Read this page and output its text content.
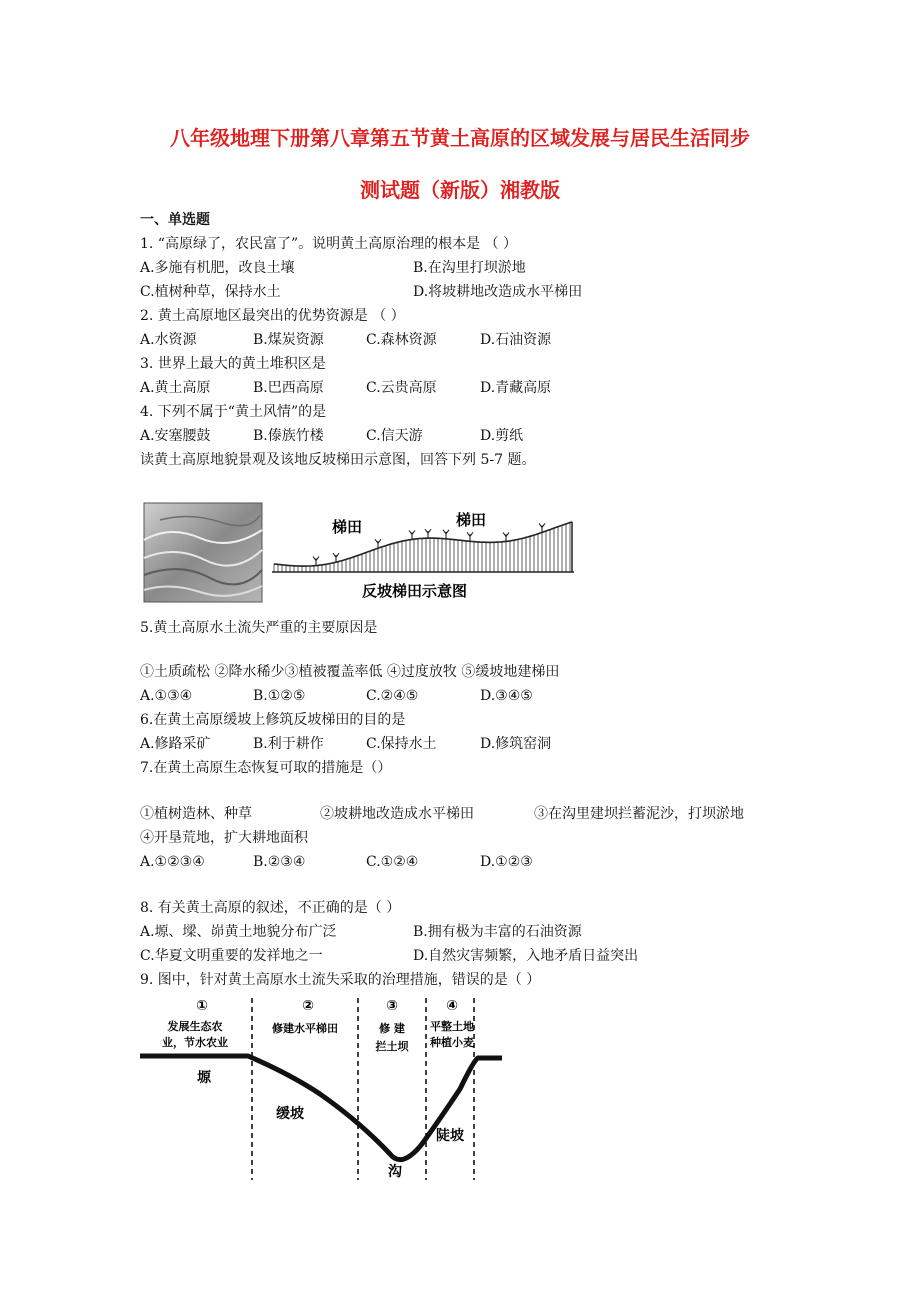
八年级地理下册第八章第五节黄土高原的区域发展与居民生活同步
测试题（新版）湘教版
一、单选题
1. “高原绿了，农民富了”。说明黄土高原治理的根本是 （ ）
A.多施有机肥，改良土壤	B.在沟里打坝淤地
C.植树种草，保持水土	D.将坡耕地改造成水平梯田
2. 黄土高原地区最突出的优势资源是 （ ）
A.水资源	B.煤炭资源	C.森林资源	D.石油资源
3. 世界上最大的黄土堆积区是
A.黄土高原	B.巴西高原	C.云贵高原	D.青藏高原
4. 下列不属于“黄土风情”的是
A.安塞腰鼓	B.傣族竹楼	C.信天游	D.剪纸
读黄土高原地貌景观及该地反坡梯田示意图，回答下列 5-7 题。
梯田	梯田
反坡梯田示意图
5.黄土高原水土流失严重的主要原因是
①土质疏松 ②降水稀少③植被覆盖率低 ④过度放牧 ⑤缓坡地建梯田
A.①③④	B.①②⑤	C.②④⑤	D.③④⑤
6.在黄土高原缓坡上修筑反坡梯田的目的是
A.修路采矿	B.利于耕作	C.保持水土	D.修筑窑洞
7.在黄土高原生态恢复可取的措施是（）
①植树造林、种草	②坡耕地改造成水平梯田	③在沟里建坝拦蓄泥沙，打坝淤地
④开垦荒地，扩大耕地面积
A.①②③④	B.②③④	C.①②④	D.①②③
8. 有关黄土高原的叙述，不正确的是（ ）
A.塬、墚、峁黄土地貌分布广泛	B.拥有极为丰富的石油资源
C.华夏文明重要的发祥地之一	D.自然灾害频繁，入地矛盾日益突出
9. 图中，针对黄土高原水土流失采取的治理措施，错误的是（ ）
①	②	③	④
发展生态农
业，节水农业
修建水平梯田	修 建
拦土坝
平整土地
种植小麦
塬
缓坡
沟
陡坡
